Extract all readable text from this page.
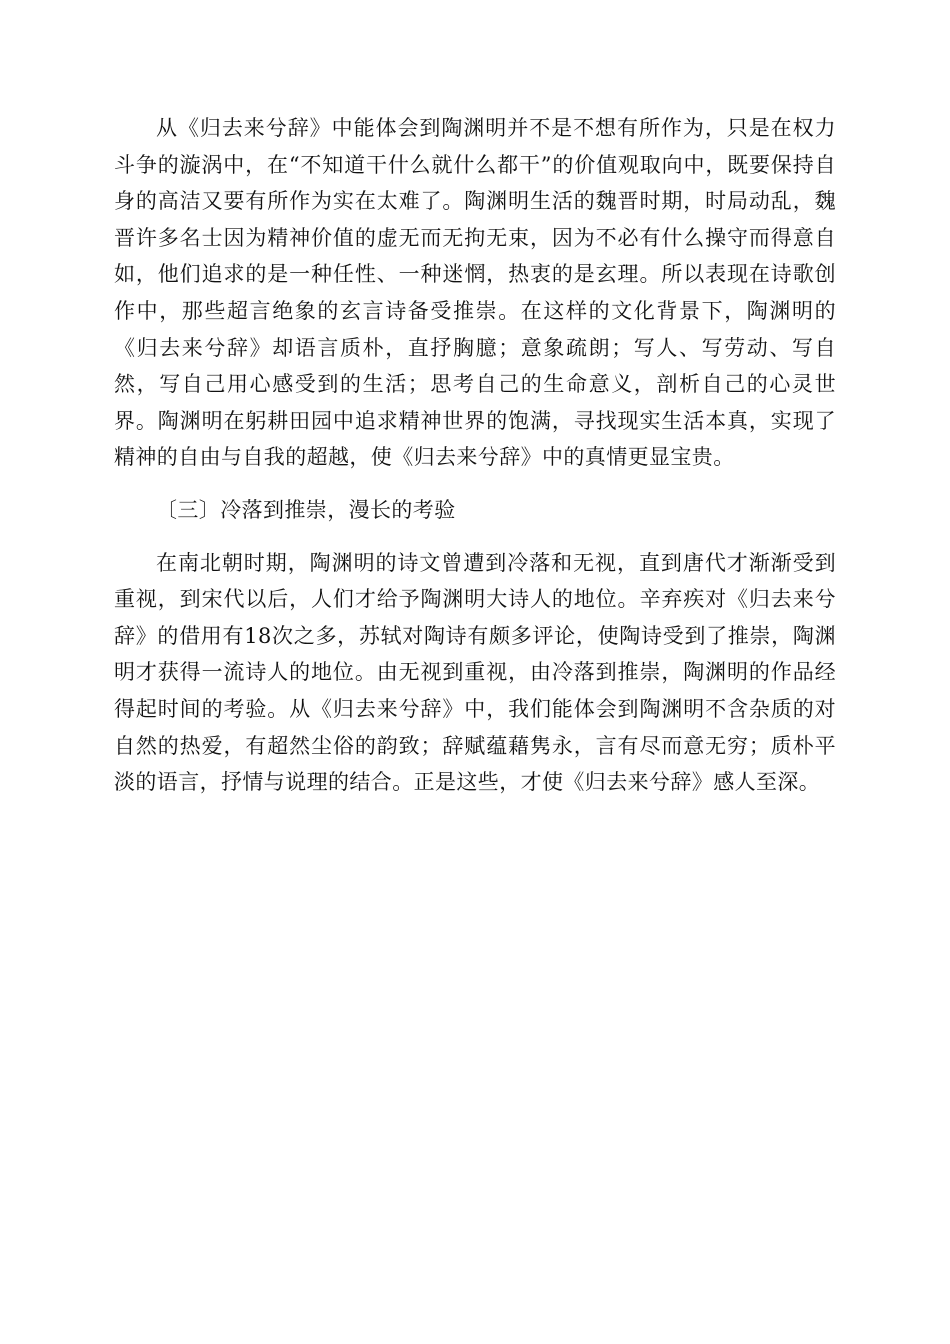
从《归去来兮辞》中能体会到陶渊明并不是不想有所作为，只是在权力斗争的漩涡中，在“不知道干什么就什么都干”的价值观取向中，既要保持自身的高洁又要有所作为实在太难了。陶渊明生活的魏晋时期，时局动乱，魏晋许多名士因为精神价值的虚无而无拘无束，因为不必有什么操守而得意自如，他们追求的是一种任性、一种迷惘，热衷的是玄理。所以表现在诗歌创作中，那些超言绝象的玄言诗备受推崇。在这样的文化背景下，陶渊明的《归去来兮辞》却语言质朴，直抒胸臆；意象疏朗；写人、写劳动、写自然，写自己用心感受到的生活；思考自己的生命意义，剖析自己的心灵世界。陶渊明在躬耕田园中追求精神世界的饱满，寻找现实生活本真，实现了精神的自由与自我的超越，使《归去来兮辞》中的真情更显宝贵。

〔三〕冷落到推崇，漫长的考验

在南北朝时期，陶渊明的诗文曾遭到冷落和无视，直到唐代才渐渐受到重视，到宋代以后，人们才给予陶渊明大诗人的地位。辛弃疾对《归去来兮辞》的借用有18次之多，苏轼对陶诗有颇多评论，使陶诗受到了推崇，陶渊明才获得一流诗人的地位。由无视到重视，由冷落到推崇，陶渊明的作品经得起时间的考验。从《归去来兮辞》中，我们能体会到陶渊明不含杂质的对自然的热爱，有超然尘俗的韵致；辞赋蕴藉隽永，言有尽而意无穷；质朴平淡的语言，抒情与说理的结合。正是这些，才使《归去来兮辞》感人至深。
